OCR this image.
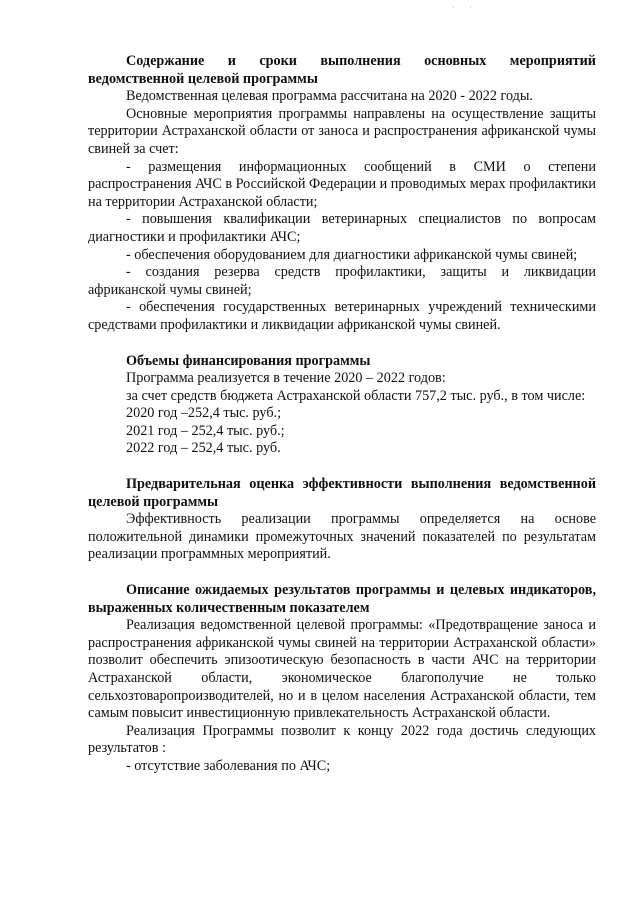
· ·

Содержание и сроки выполнения основных мероприятий ведомственной целевой программы

Ведомственная целевая программа рассчитана на 2020 - 2022 годы.

Основные мероприятия программы направлены на осуществление защиты территории Астраханской области от заноса и распространения африканской чумы свиней за счет:

- размещения информационных сообщений в СМИ о степени распространения АЧС в Российской Федерации и проводимых мерах профилактики на территории Астраханской области;

- повышения квалификации ветеринарных специалистов по вопросам диагностики и профилактики АЧС;

- обеспечения оборудованием для диагностики африканской чумы свиней;

- создания резерва средств профилактики, защиты и ликвидации африканской чумы свиней;

- обеспечения государственных ветеринарных учреждений техническими средствами профилактики и ликвидации африканской чумы свиней.

Объемы финансирования программы

Программа реализуется в течение 2020 – 2022 годов:

за счет средств бюджета Астраханской области 757,2 тыс. руб., в том числе:

2020 год –252,4 тыс. руб.;

2021 год – 252,4 тыс. руб.;

2022 год – 252,4 тыс. руб.

Предварительная оценка эффективности выполнения ведомственной целевой программы

Эффективность реализации программы определяется на основе положительной динамики промежуточных значений показателей по результатам реализации программных мероприятий.

Описание ожидаемых результатов программы и целевых индикаторов, выраженных количественным показателем

Реализация ведомственной целевой программы: «Предотвращение заноса и распространения африканской чумы свиней на территории Астраханской области» позволит обеспечить эпизоотическую безопасность в части АЧС на территории Астраханской области, экономическое благополучие не только сельхозтоваропроизводителей, но и в целом населения Астраханской области, тем самым повысит инвестиционную привлекательность Астраханской области.

Реализация Программы позволит к концу 2022 года достичь следующих результатов :

- отсутствие заболевания по АЧС;
